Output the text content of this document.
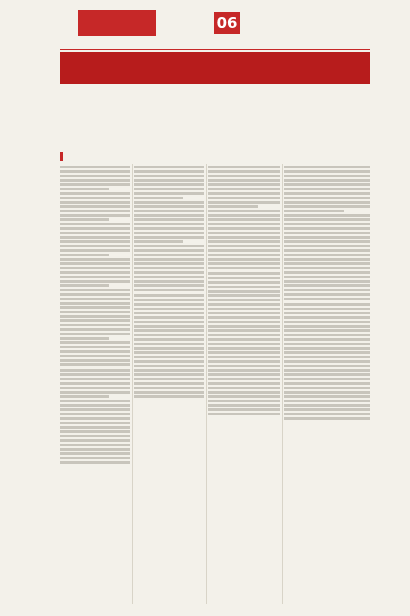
06
